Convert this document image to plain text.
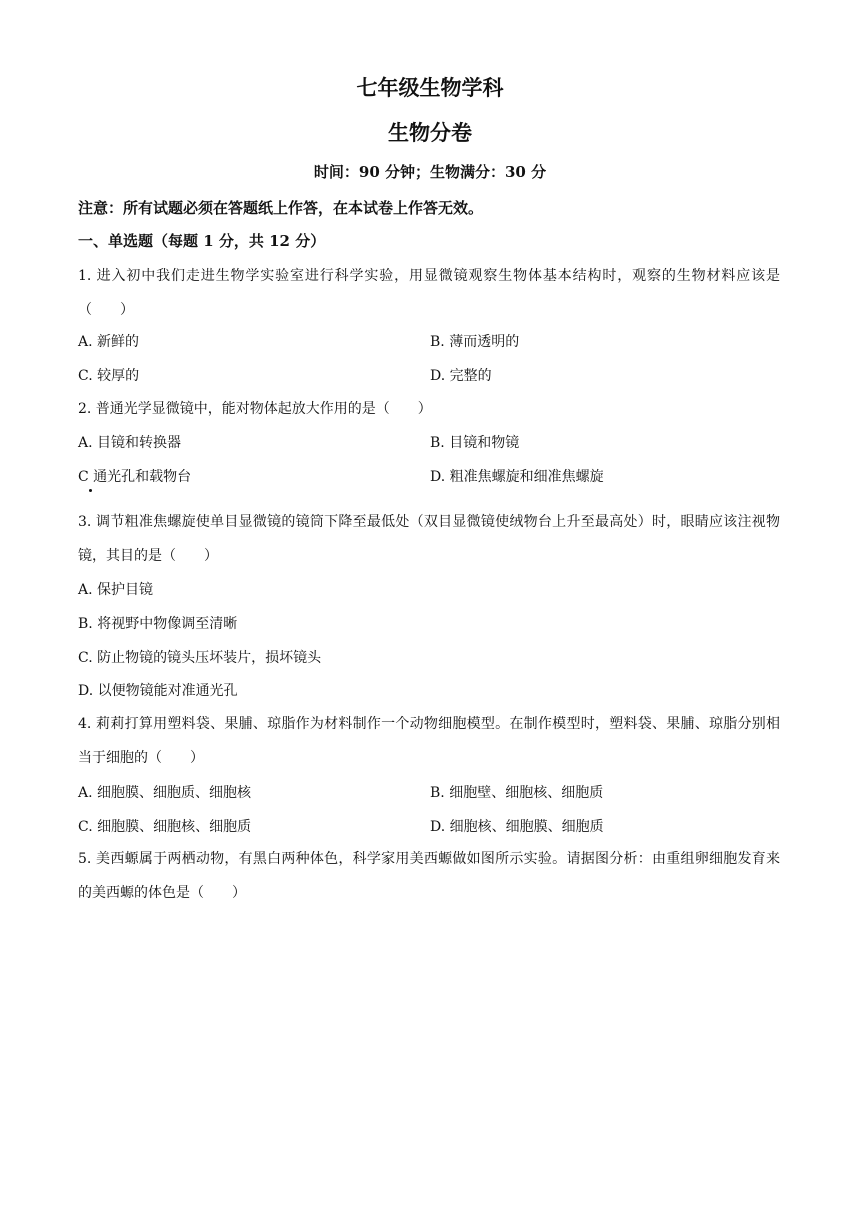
七年级生物学科
生物分卷
时间：90 分钟；生物满分：30 分
注意：所有试题必须在答题纸上作答，在本试卷上作答无效。
一、单选题（每题 1 分，共 12 分）
1. 进入初中我们走进生物学实验室进行科学实验，用显微镜观察生物体基本结构时，观察的生物材料应该是（　　）
A. 新鲜的	B. 薄而透明的
C. 较厚的	D. 完整的
2. 普通光学显微镜中，能对物体起放大作用的是（　　）
A. 目镜和转换器	B. 目镜和物镜
C 通光孔和载物台	D. 粗准焦螺旋和细准焦螺旋
3. 调节粗准焦螺旋使单目显微镜的镜筒下降至最低处（双目显微镜使绒物台上升至最高处）时，眼睛应该注视物镜，其目的是（　　）
A. 保护目镜
B. 将视野中物像调至清晰
C. 防止物镜的镜头压坏装片，损坏镜头
D. 以便物镜能对准通光孔
4. 莉莉打算用塑料袋、果脯、琼脂作为材料制作一个动物细胞模型。在制作模型时，塑料袋、果脯、琼脂分别相当于细胞的（　　）
A. 细胞膜、细胞质、细胞核	B. 细胞壁、细胞核、细胞质
C. 细胞膜、细胞核、细胞质	D. 细胞核、细胞膜、细胞质
5. 美西螈属于两栖动物，有黑白两种体色，科学家用美西螈做如图所示实验。请据图分析：由重组卵细胞发育来的美西螈的体色是（　　）
